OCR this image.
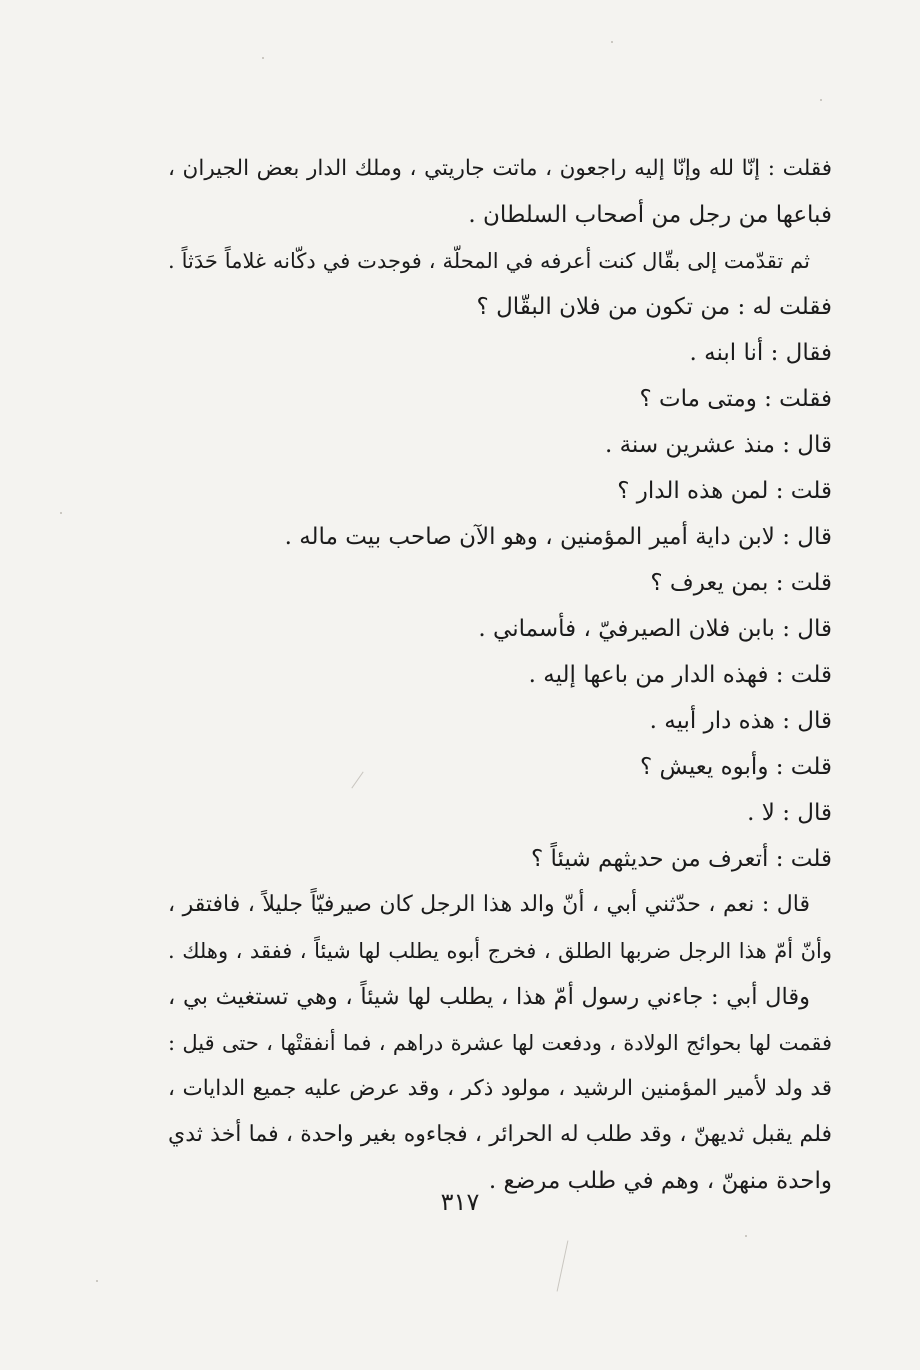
فقلت : إنّا لله وإنّا إليه راجعون ، ماتت جاريتي ، وملك الدار بعض الجيران ،
فباعها من رجل من أصحاب السلطان .
ثم تقدّمت إلى بقّال كنت أعرفه في المحلّة ، فوجدت في دكّانه غلاماً حَدَثاً .
فقلت له : من تكون من فلان البقّال ؟
فقال : أنا ابنه .
فقلت : ومتى مات ؟
قال : منذ عشرين سنة .
قلت : لمن هذه الدار ؟
قال : لابن داية أمير المؤمنين ، وهو الآن صاحب بيت ماله .
قلت : بمن يعرف ؟
قال : بابن فلان الصيرفيّ ، فأسماني .
قلت : فهذه الدار من باعها إليه .
قال : هذه دار أبيه .
قلت : وأبوه يعيش ؟
قال : لا .
قلت : أتعرف من حديثهم شيئاً ؟
قال : نعم ، حدّثني أبي ، أنّ والد هذا الرجل كان صيرفيّاً جليلاً ، فافتقر ،
وأنّ أمّ هذا الرجل ضربها الطلق ، فخرج أبوه يطلب لها شيئاً ، ففقد ، وهلك .
وقال أبي : جاءني رسول أمّ هذا ، يطلب لها شيئاً ، وهي تستغيث بي ،
فقمت لها بحوائج الولادة ، ودفعت لها عشرة دراهم ، فما أنفقتْها ، حتى قيل :
قد ولد لأمير المؤمنين الرشيد ، مولود ذكر ، وقد عرض عليه جميع الدايات ،
فلم يقبل ثديهنّ ، وقد طلب له الحرائر ، فجاءوه بغير واحدة ، فما أخذ ثدي
واحدة منهنّ ، وهم في طلب مرضع .
٣١٧
